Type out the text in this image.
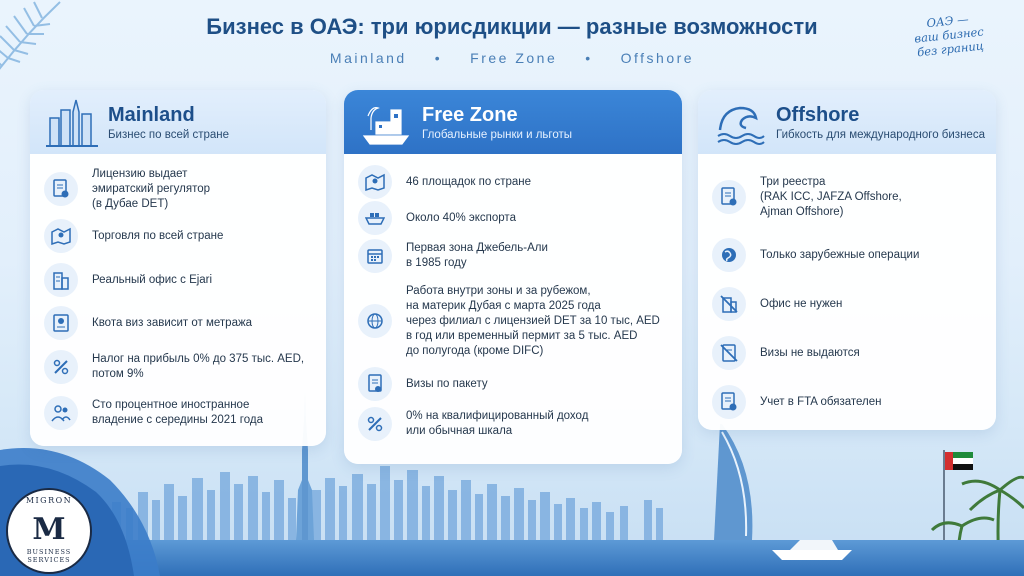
Бизнес в ОАЭ: три юрисдикции — разные возможности
Mainland • Free Zone • Offshore
ОАЭ —
ваш бизнес
без границ
Mainland
Бизнес по всей стране
Лицензию выдает
эмиратский регулятор
(в Дубае DET)
Торговля по всей стране
Реальный офис с Ejari
Квота виз зависит от метража
Налог на прибыль 0% до 375 тыс. AED,
потом 9%
Сто процентное иностранное
владение с середины 2021 года
Free Zone
Глобальные рынки и льготы
46 площадок по стране
Около 40% экспорта
Первая зона Джебель-Али
в 1985 году
Работа внутри зоны и за рубежом,
на материк Дубая с марта 2025 года
через филиал с лицензией DET за 10 тыс, AED
в год или временный пермит за 5 тыс. AED
до полугода (кроме DIFC)
Визы по пакету
0% на квалифицированный доход
или обычная шкала
Offshore
Гибкость для международного бизнеса
Три реестра
(RAK ICC, JAFZA Offshore,
Ajman Offshore)
Только зарубежные операции
Офис не нужен
Визы не выдаются
Учет в FTA обязателен
MIGRON
M
BUSINESS SERVICES
